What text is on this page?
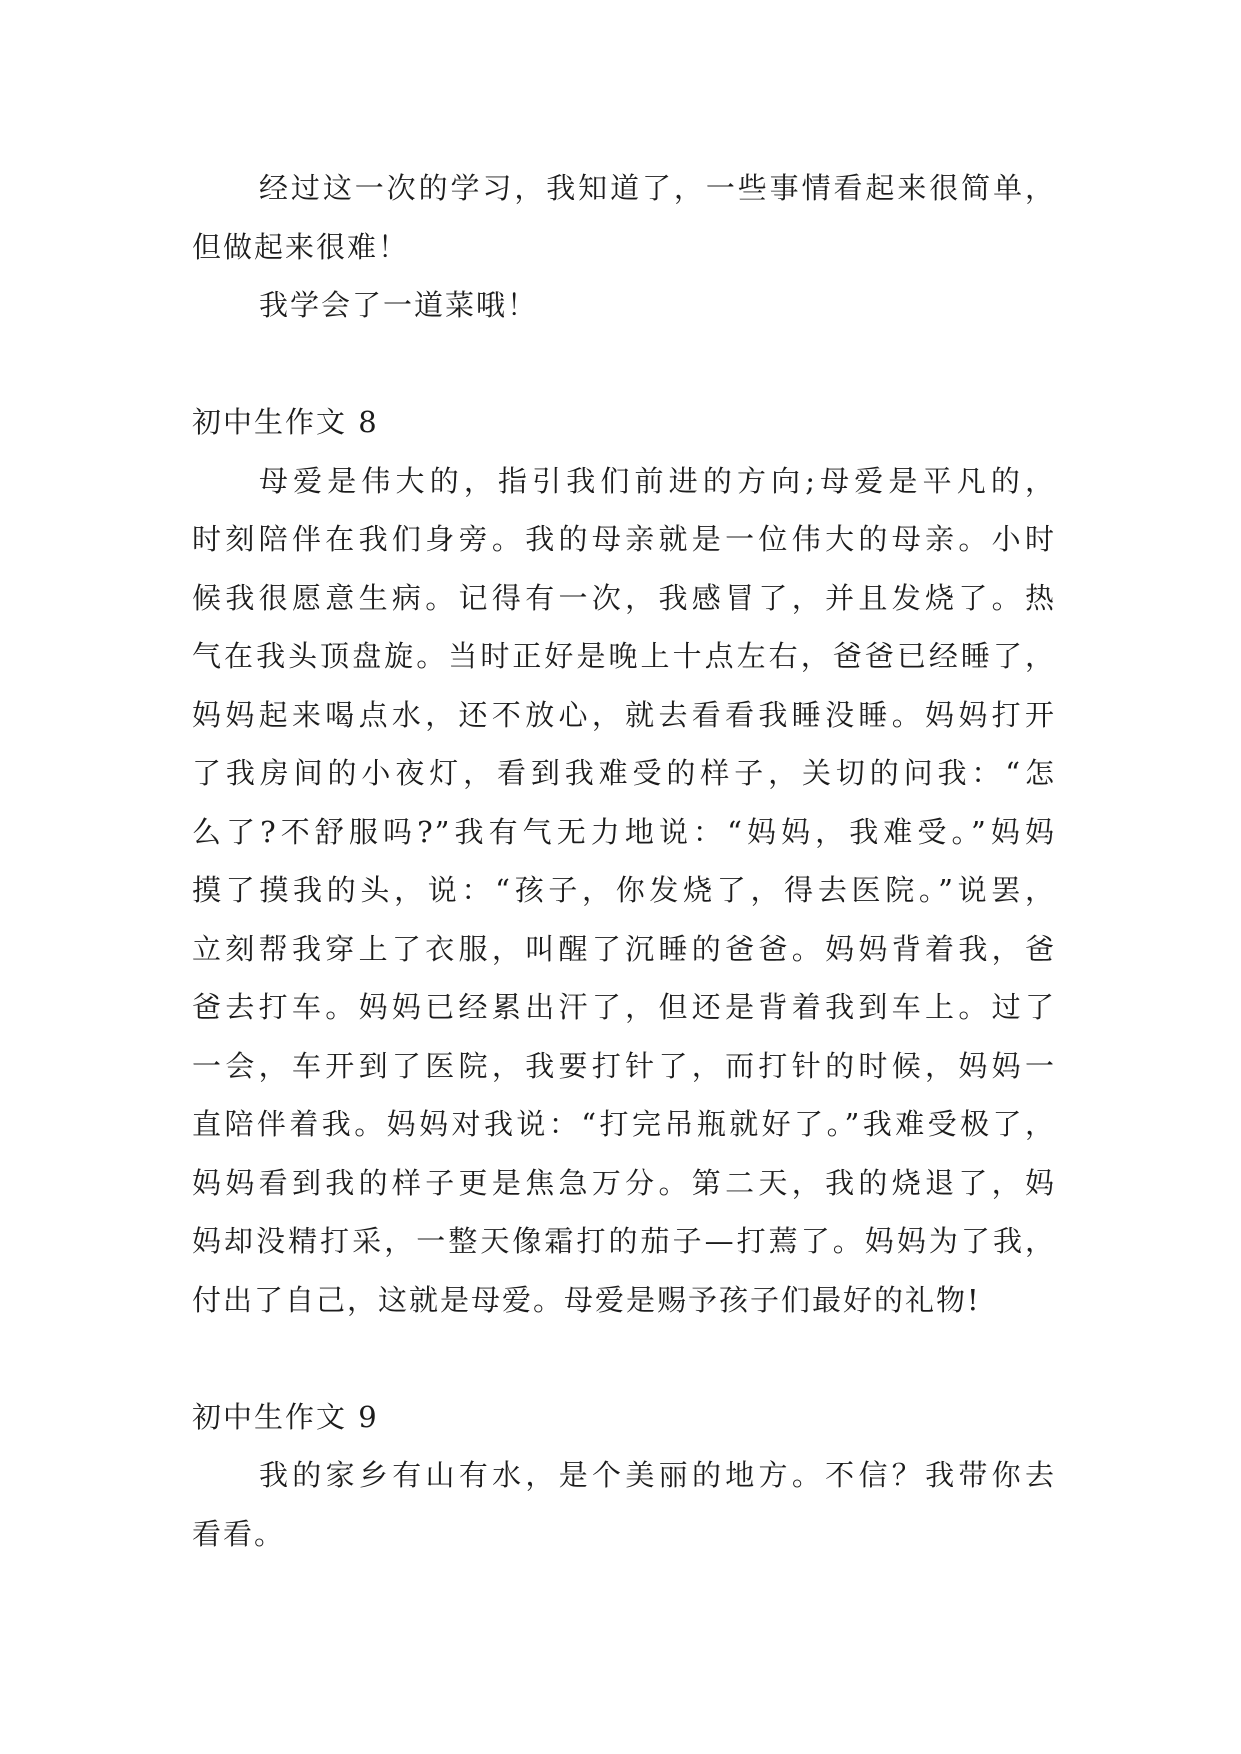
经过这一次的学习，我知道了，一些事情看起来很简单，
但做起来很难！
我学会了一道菜哦！
初中生作文 8
母爱是伟大的，指引我们前进的方向;母爱是平凡的，
时刻陪伴在我们身旁。我的母亲就是一位伟大的母亲。小时
候我很愿意生病。记得有一次，我感冒了，并且发烧了。热
气在我头顶盘旋。当时正好是晚上十点左右，爸爸已经睡了，
妈妈起来喝点水，还不放心，就去看看我睡没睡。妈妈打开
了我房间的小夜灯，看到我难受的样子，关切的问我：“怎
么了?不舒服吗?”我有气无力地说：“妈妈，我难受。”妈妈
摸了摸我的头，说：“孩子，你发烧了，得去医院。”说罢，
立刻帮我穿上了衣服，叫醒了沉睡的爸爸。妈妈背着我，爸
爸去打车。妈妈已经累出汗了，但还是背着我到车上。过了
一会，车开到了医院，我要打针了，而打针的时候，妈妈一
直陪伴着我。妈妈对我说：“打完吊瓶就好了。”我难受极了，
妈妈看到我的样子更是焦急万分。第二天，我的烧退了，妈
妈却没精打采，一整天像霜打的茄子—打蔫了。妈妈为了我，
付出了自己，这就是母爱。母爱是赐予孩子们最好的礼物!
初中生作文 9
我的家乡有山有水，是个美丽的地方。不信？我带你去
看看。
